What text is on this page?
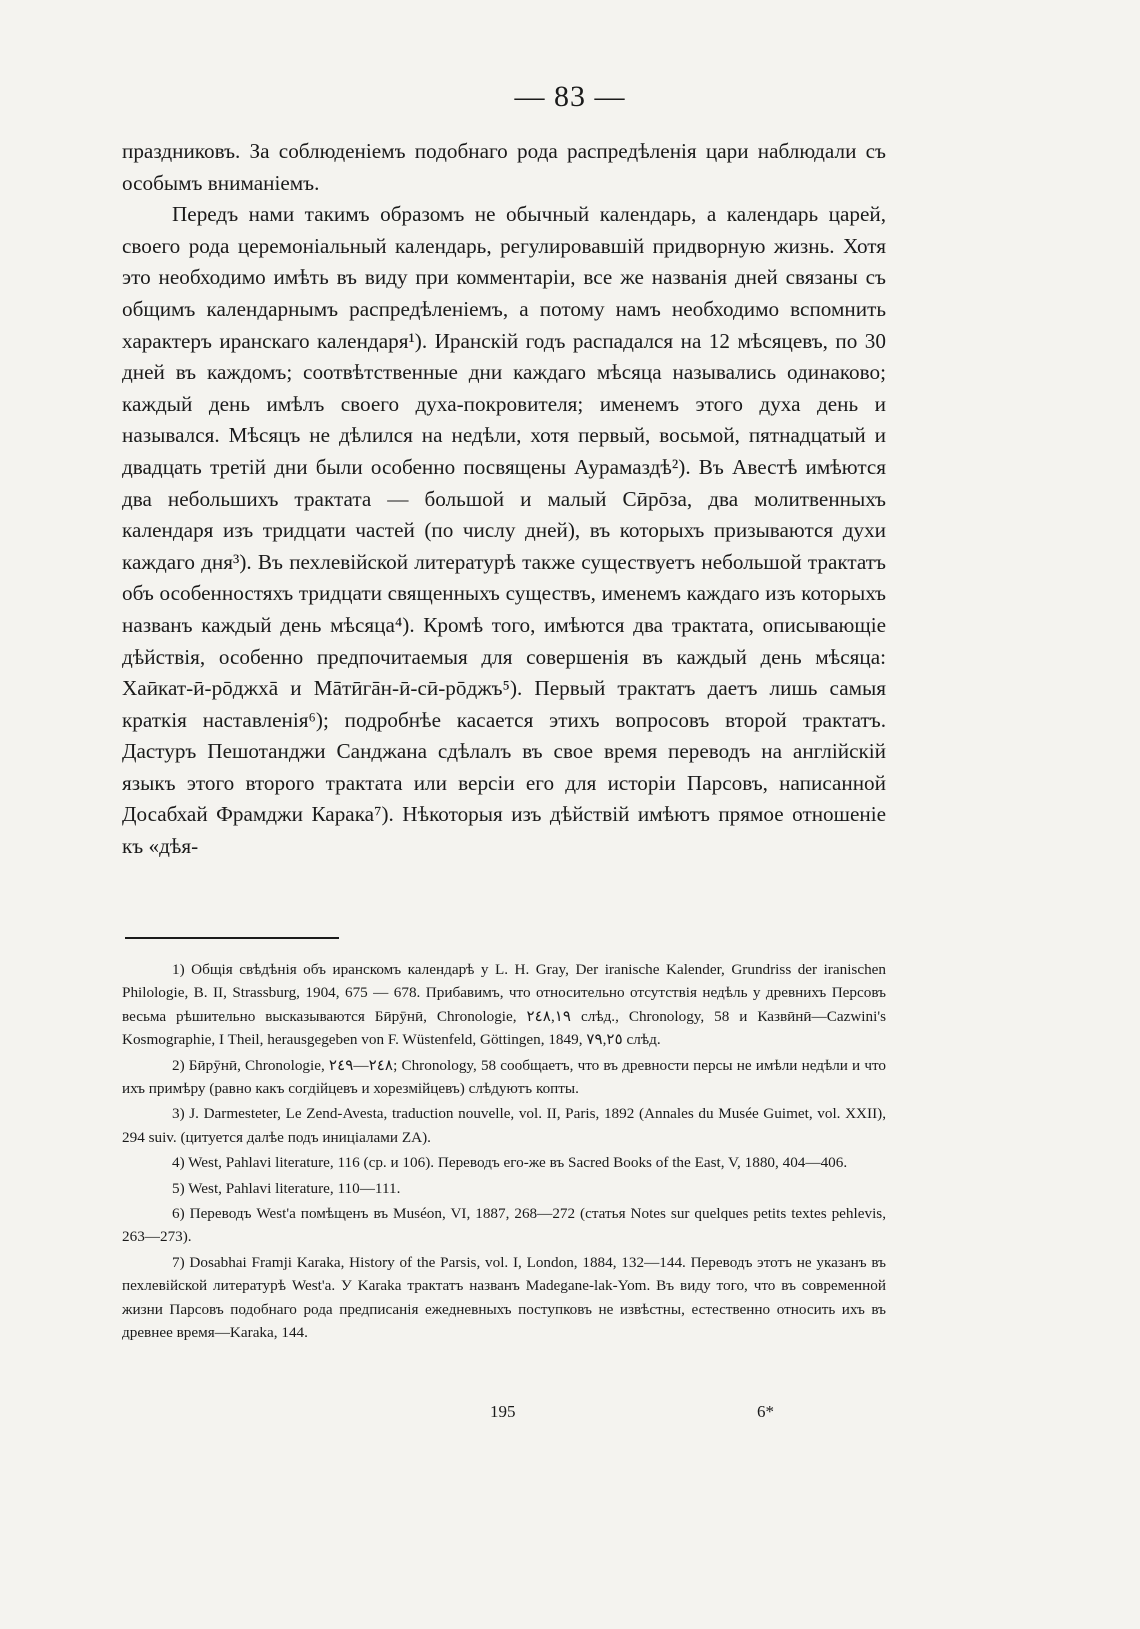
— 83 —

праздниковъ. За соблюденіемъ подобнаго рода распредѣленія цари наблюдали съ особымъ вниманіемъ.

Передъ нами такимъ образомъ не обычный календарь, а календарь царей, своего рода церемоніальный календарь, регулировавшій придворную жизнь. Хотя это необходимо имѣть въ виду при комментаріи, все же названія дней связаны съ общимъ календарнымъ распредѣленіемъ, а потому намъ необходимо вспомнить характеръ иранскаго календаря¹). Иранскій годъ распадался на 12 мѣсяцевъ, по 30 дней въ каждомъ; соотвѣтственные дни каждаго мѣсяца назывались одинаково; каждый день имѣлъ своего духа-покровителя; именемъ этого духа день и назывался. Мѣсяцъ не дѣлился на недѣли, хотя первый, восьмой, пятнадцатый и двадцать третій дни были особенно посвящены Аурамаздѣ²). Въ Авестѣ имѣются два небольшихъ трактата — большой и малый Сӣрōза, два молитвенныхъ календаря изъ тридцати частей (по числу дней), въ которыхъ призываются духи каждаго дня³). Въ пехлевійской литературѣ также существуетъ небольшой трактатъ объ особенностяхъ тридцати священныхъ существъ, именемъ каждаго изъ которыхъ названъ каждый день мѣсяца⁴). Кромѣ того, имѣются два трактата, описывающіе дѣйствія, особенно предпочитаемыя для совершенія въ каждый день мѣсяца: Хаӣкат-ӣ-рōджхā и Мāтӣгāн-ӣ-сӣ-рōджъ⁵). Первый трактатъ даетъ лишь самыя краткія наставленія⁶); подробнѣе касается этихъ вопросовъ второй трактатъ. Дастуръ Пешотанджи Санджана сдѣлалъ въ свое время переводъ на англійскій языкъ этого второго трактата или версіи его для исторіи Парсовъ, написанной Досабхай Фрамджи Карака⁷). Нѣкоторыя изъ дѣйствій имѣютъ прямое отношеніе къ «дѣя-

1) Общія свѣдѣнія объ иранскомъ календарѣ у L. H. Gray, Der iranische Kalender, Grundriss der iranischen Philologie, B. II, Strassburg, 1904, 675 — 678. Прибавимъ, что относительно отсутствія недѣль у древнихъ Персовъ весьма рѣшительно высказываются Бӣрӯнӣ, Chronologie, ٢٤٨,١٩ слѣд., Chronology, 58 и Казвӣнӣ—Cazwini's Kosmographie, I Theil, herausgegeben von F. Wüstenfeld, Göttingen, 1849, ٧٩,٢٥ слѣд.

2) Бӣрӯнӣ, Chronologie, ٢٤٨—٢٤٩; Chronology, 58 сообщаетъ, что въ древности персы не имѣли недѣли и что ихъ примѣру (равно какъ согдійцевъ и хорезмійцевъ) слѣдуютъ копты.

3) J. Darmesteter, Le Zend-Avesta, traduction nouvelle, vol. II, Paris, 1892 (Annales du Musée Guimet, vol. XXII), 294 suiv. (цитуется далѣе подъ иниціалами ZA).

4) West, Pahlavi literature, 116 (ср. и 106). Переводъ его-же въ Sacred Books of the East, V, 1880, 404—406.

5) West, Pahlavi literature, 110—111.

6) Переводъ West'а помѣщенъ въ Muséon, VI, 1887, 268—272 (статья Notes sur quelques petits textes pehlevis, 263—273).

7) Dosabhai Framji Karaka, History of the Parsis, vol. I, London, 1884, 132—144. Переводъ этотъ не указанъ въ пехлевійской литературѣ West'а. У Karaka трактатъ названъ Madegane-lak-Yom. Въ виду того, что въ современной жизни Парсовъ подобнаго рода предписанія ежедневныхъ поступковъ не извѣстны, естественно относить ихъ въ древнее время—Karaka, 144.

195	6*
